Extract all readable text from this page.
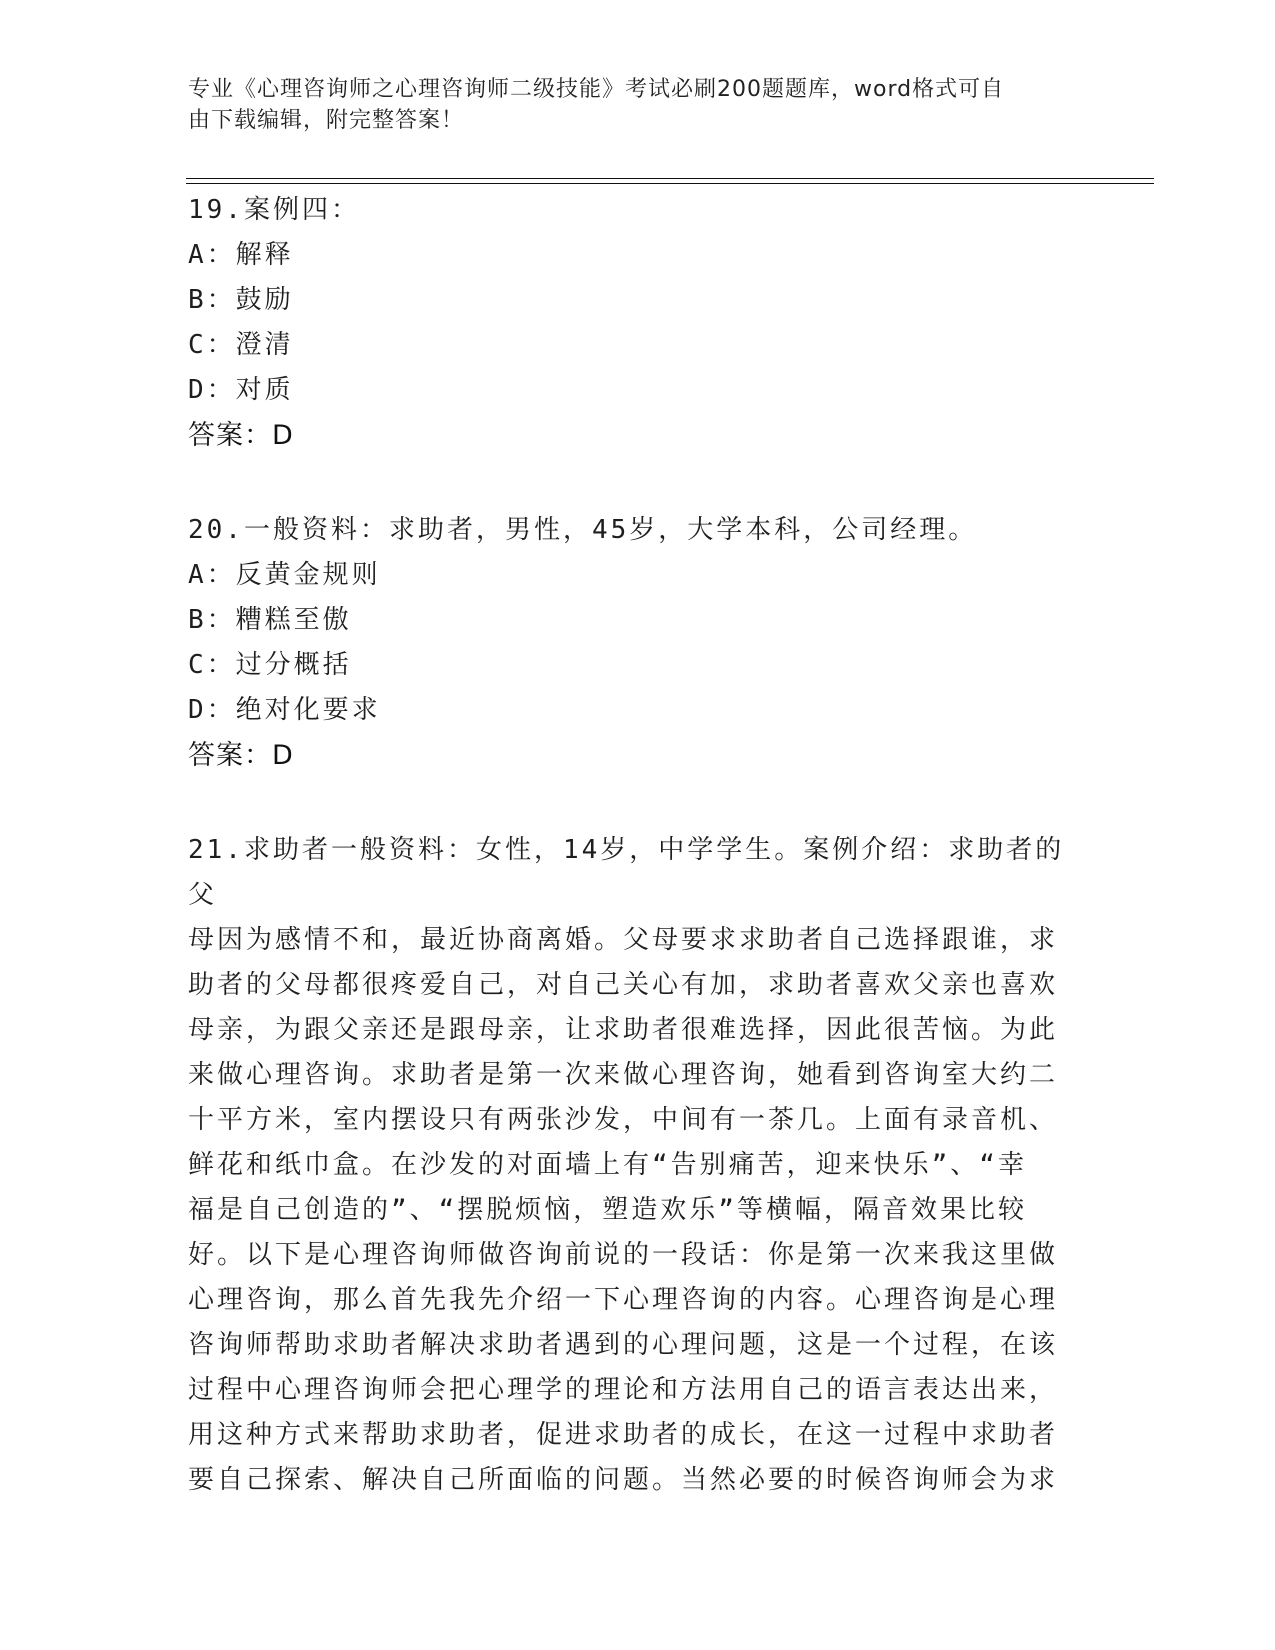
专业《心理咨询师之心理咨询师二级技能》考试必刷200题题库，word格式可自
由下载编辑，附完整答案！

19.案例四：

A：解释

B：鼓励

C：澄清

D：对质

答案：D

20.一般资料：求助者，男性，45岁，大学本科，公司经理。

A：反黄金规则

B：糟糕至傲

C：过分概括

D：绝对化要求

答案：D

21.求助者一般资料：女性，14岁，中学学生。案例介绍：求助者的父
母因为感情不和，最近协商离婚。父母要求求助者自己选择跟谁，求
助者的父母都很疼爱自己，对自己关心有加，求助者喜欢父亲也喜欢
母亲，为跟父亲还是跟母亲，让求助者很难选择，因此很苦恼。为此
来做心理咨询。求助者是第一次来做心理咨询，她看到咨询室大约二
十平方米，室内摆设只有两张沙发，中间有一茶几。上面有录音机、
鲜花和纸巾盒。在沙发的对面墙上有“告别痛苦，迎来快乐”、“幸
福是自己创造的”、“摆脱烦恼，塑造欢乐”等横幅，隔音效果比较
好。以下是心理咨询师做咨询前说的一段话：你是第一次来我这里做
心理咨询，那么首先我先介绍一下心理咨询的内容。心理咨询是心理
咨询师帮助求助者解决求助者遇到的心理问题，这是一个过程，在该
过程中心理咨询师会把心理学的理论和方法用自己的语言表达出来，
用这种方式来帮助求助者，促进求助者的成长，在这一过程中求助者
要自己探索、解决自己所面临的问题。当然必要的时候咨询师会为求
